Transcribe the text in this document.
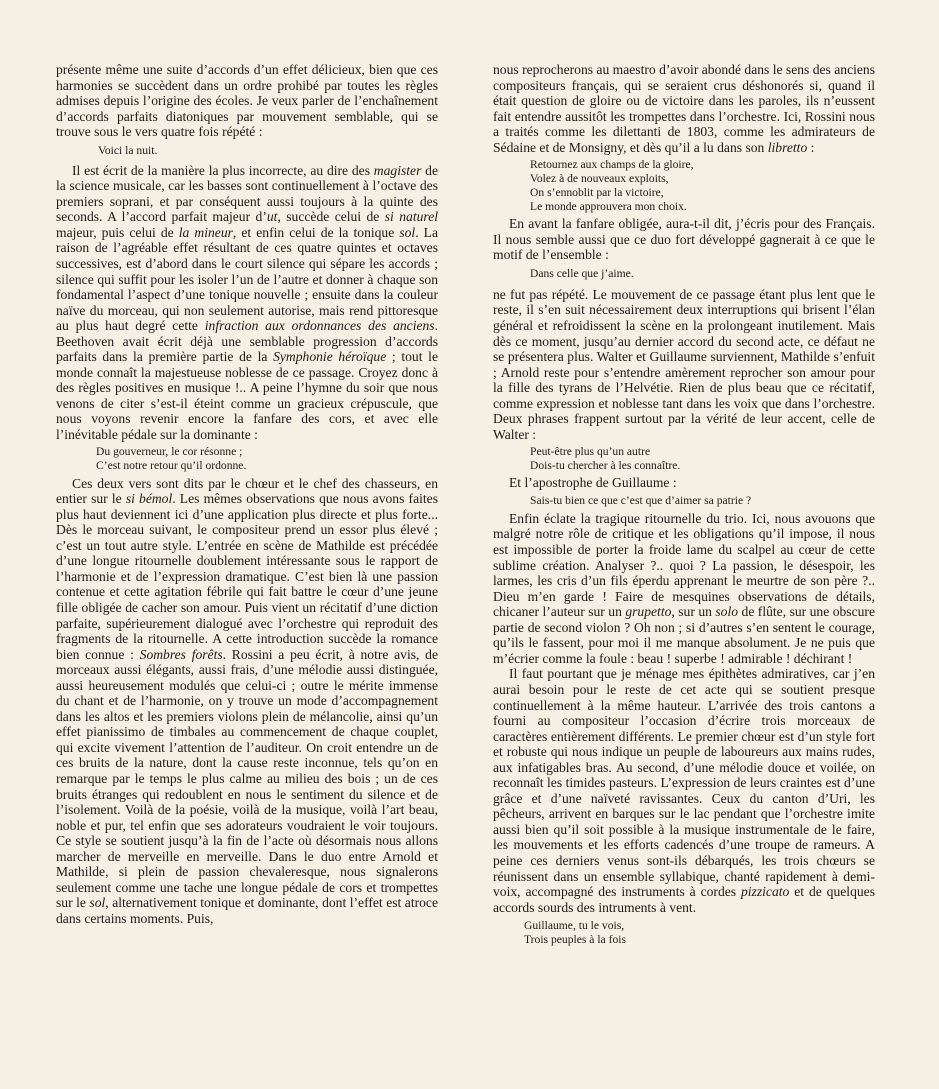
présente même une suite d’accords d’un effet délicieux, bien que ces harmonies se succèdent dans un ordre prohibé par toutes les règles admises depuis l’origine des écoles. Je veux parler de l’enchaînement d’accords parfaits diatoniques par mouvement semblable, qui se trouve sous le vers quatre fois répété :

Voici la nuit.

Il est écrit de la manière la plus incorrecte, au dire des magister de la science musicale, car les basses sont continuellement à l’octave des premiers soprani, et par conséquent aussi toujours à la quinte des seconds. A l’accord parfait majeur d’ut, succède celui de si naturel majeur, puis celui de la mineur, et enfin celui de la tonique sol. La raison de l’agréable effet résultant de ces quatre quintes et octaves successives, est d’abord dans le court silence qui sépare les accords ; silence qui suffit pour les isoler l’un de l’autre et donner à chaque son fondamental l’aspect d’une tonique nouvelle ; ensuite dans la couleur naïve du morceau, qui non seulement autorise, mais rend pittoresque au plus haut degré cette infraction aux ordonnances des anciens. Beethoven avait écrit déjà une semblable progression d’accords parfaits dans la première partie de la Symphonie héroïque ; tout le monde connaît la majestueuse noblesse de ce passage. Croyez donc à des règles positives en musique !.. A peine l’hymne du soir que nous venons de citer s’est-il éteint comme un gracieux crépuscule, que nous voyons revenir encore la fanfare des cors, et avec elle l’inévitable pédale sur la dominante :

Du gouverneur, le cor résonne ;
C’est notre retour qu’il ordonne.

Ces deux vers sont dits par le chœur et le chef des chasseurs, en entier sur le si bémol. Les mêmes observations que nous avons faites plus haut deviennent ici d’une application plus directe et plus forte... Dès le morceau suivant, le compositeur prend un essor plus élevé ; c’est un tout autre style. L’entrée en scène de Mathilde est précédée d’une longue ritournelle doublement intéressante sous le rapport de l’harmonie et de l’expression dramatique. C’est bien là une passion contenue et cette agitation fébrile qui fait battre le cœur d’une jeune fille obligée de cacher son amour. Puis vient un récitatif d’une diction parfaite, supérieurement dialogué avec l’orchestre qui reproduit des fragments de la ritournelle. A cette introduction succède la romance bien connue : Sombres forêts. Rossini a peu écrit, à notre avis, de morceaux aussi élégants, aussi frais, d’une mélodie aussi distinguée, aussi heureusement modulés que celui-ci ; outre le mérite immense du chant et de l’harmonie, on y trouve un mode d’accompagnement dans les altos et les premiers violons plein de mélancolie, ainsi qu’un effet pianissimo de timbales au commencement de chaque couplet, qui excite vivement l’attention de l’auditeur. On croit entendre un de ces bruits de la nature, dont la cause reste inconnue, tels qu’on en remarque par le temps le plus calme au milieu des bois ; un de ces bruits étranges qui redoublent en nous le sentiment du silence et de l’isolement. Voilà de la poésie, voilà de la musique, voilà l’art beau, noble et pur, tel enfin que ses adorateurs voudraient le voir toujours. Ce style se soutient jusqu’à la fin de l’acte où désormais nous allons marcher de merveille en merveille. Dans le duo entre Arnold et Mathilde, si plein de passion chevaleresque, nous signalerons seulement comme une tache une longue pédale de cors et trompettes sur le sol, alternativement tonique et dominante, dont l’effet est atroce dans certains moments. Puis,

nous reprocherons au maestro d’avoir abondé dans le sens des anciens compositeurs français, qui se seraient crus déshonorés si, quand il était question de gloire ou de victoire dans les paroles, ils n’eussent fait entendre aussitôt les trompettes dans l’orchestre. Ici, Rossini nous a traités comme les dilettanti de 1803, comme les admirateurs de Sédaine et de Monsigny, et dès qu’il a lu dans son libretto :

Retournez aux champs de la gloire,
Volez à de nouveaux exploits,
On s’ennoblit par la victoire,
Le monde approuvera mon choix.

En avant la fanfare obligée, aura-t-il dit, j’écris pour des Français. Il nous semble aussi que ce duo fort développé gagnerait à ce que le motif de l’ensemble :

Dans celle que j’aime.

ne fut pas répété. Le mouvement de ce passage étant plus lent que le reste, il s’en suit nécessairement deux interruptions qui brisent l’élan général et refroidissent la scène en la prolongeant inutilement. Mais dès ce moment, jusqu’au dernier accord du second acte, ce défaut ne se présentera plus. Walter et Guillaume surviennent, Mathilde s’enfuit ; Arnold reste pour s’entendre amèrement reprocher son amour pour la fille des tyrans de l’Helvétie. Rien de plus beau que ce récitatif, comme expression et noblesse tant dans les voix que dans l’orchestre. Deux phrases frappent surtout par la vérité de leur accent, celle de Walter :

Peut-être plus qu’un autre
Dois-tu chercher à les connaître.

Et l’apostrophe de Guillaume :

Sais-tu bien ce que c’est que d’aimer sa patrie ?

Enfin éclate la tragique ritournelle du trio. Ici, nous avouons que malgré notre rôle de critique et les obligations qu’il impose, il nous est impossible de porter la froide lame du scalpel au cœur de cette sublime création. Analyser ?.. quoi ? La passion, le désespoir, les larmes, les cris d’un fils éperdu apprenant le meurtre de son père ?.. Dieu m’en garde ! Faire de mesquines observations de détails, chicaner l’auteur sur un grupetto, sur un solo de flûte, sur une obscure partie de second violon ? Oh non ; si d’autres s’en sentent le courage, qu’ils le fassent, pour moi il me manque absolument. Je ne puis que m’écrier comme la foule : beau ! superbe ! admirable ! déchirant !

Il faut pourtant que je ménage mes épithètes admiratives, car j’en aurai besoin pour le reste de cet acte qui se soutient presque continuellement à la même hauteur. L’arrivée des trois cantons a fourni au compositeur l’occasion d’écrire trois morceaux de caractères entièrement différents. Le premier chœur est d’un style fort et robuste qui nous indique un peuple de laboureurs aux mains rudes, aux infatigables bras. Au second, d’une mélodie douce et voilée, on reconnaît les timides pasteurs. L’expression de leurs craintes est d’une grâce et d’une naïveté ravissantes. Ceux du canton d’Uri, les pêcheurs, arrivent en barques sur le lac pendant que l’orchestre imite aussi bien qu’il soit possible à la musique instrumentale de le faire, les mouvements et les efforts cadencés d’une troupe de rameurs. A peine ces derniers venus sont-ils débarqués, les trois chœurs se réunissent dans un ensemble syllabique, chanté rapidement à demi-voix, accompagné des instruments à cordes pizzicato et de quelques accords sourds des intruments à vent.

Guillaume, tu le vois,
Trois peuples à la fois
